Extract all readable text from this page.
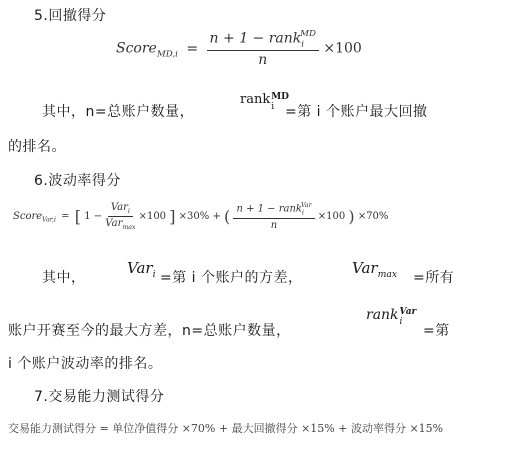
5.回撤得分
Score$_{MD,i}$ = $\frac{n + 1 - rank_i^{MD}}{n} \times 100$
其中，n=总账户数量，
rank MD
i =第 i 个账户最大回撤
的排名。
6.波动率得分
Score$_{Var,i}$ = [ $1 - \frac{Var_i}{Var_{max}} \times 100$ ] ×30% + ( $\frac{n + 1 - rank_i^{Var}}{n} \times 100$ ) ×70%
其中，
Var$_i$ =第 i 个账户的方差，
Var$_{max}$ =所有
账户开赛至今的最大方差，n=总账户数量，
rank Var
i
=第
i 个账户波动率的排名。
7.交易能力测试得分
交易能力测试得分 = 单位净值得分 ×70% + 最大回撤得分 ×15% + 波动率得分 ×15%
